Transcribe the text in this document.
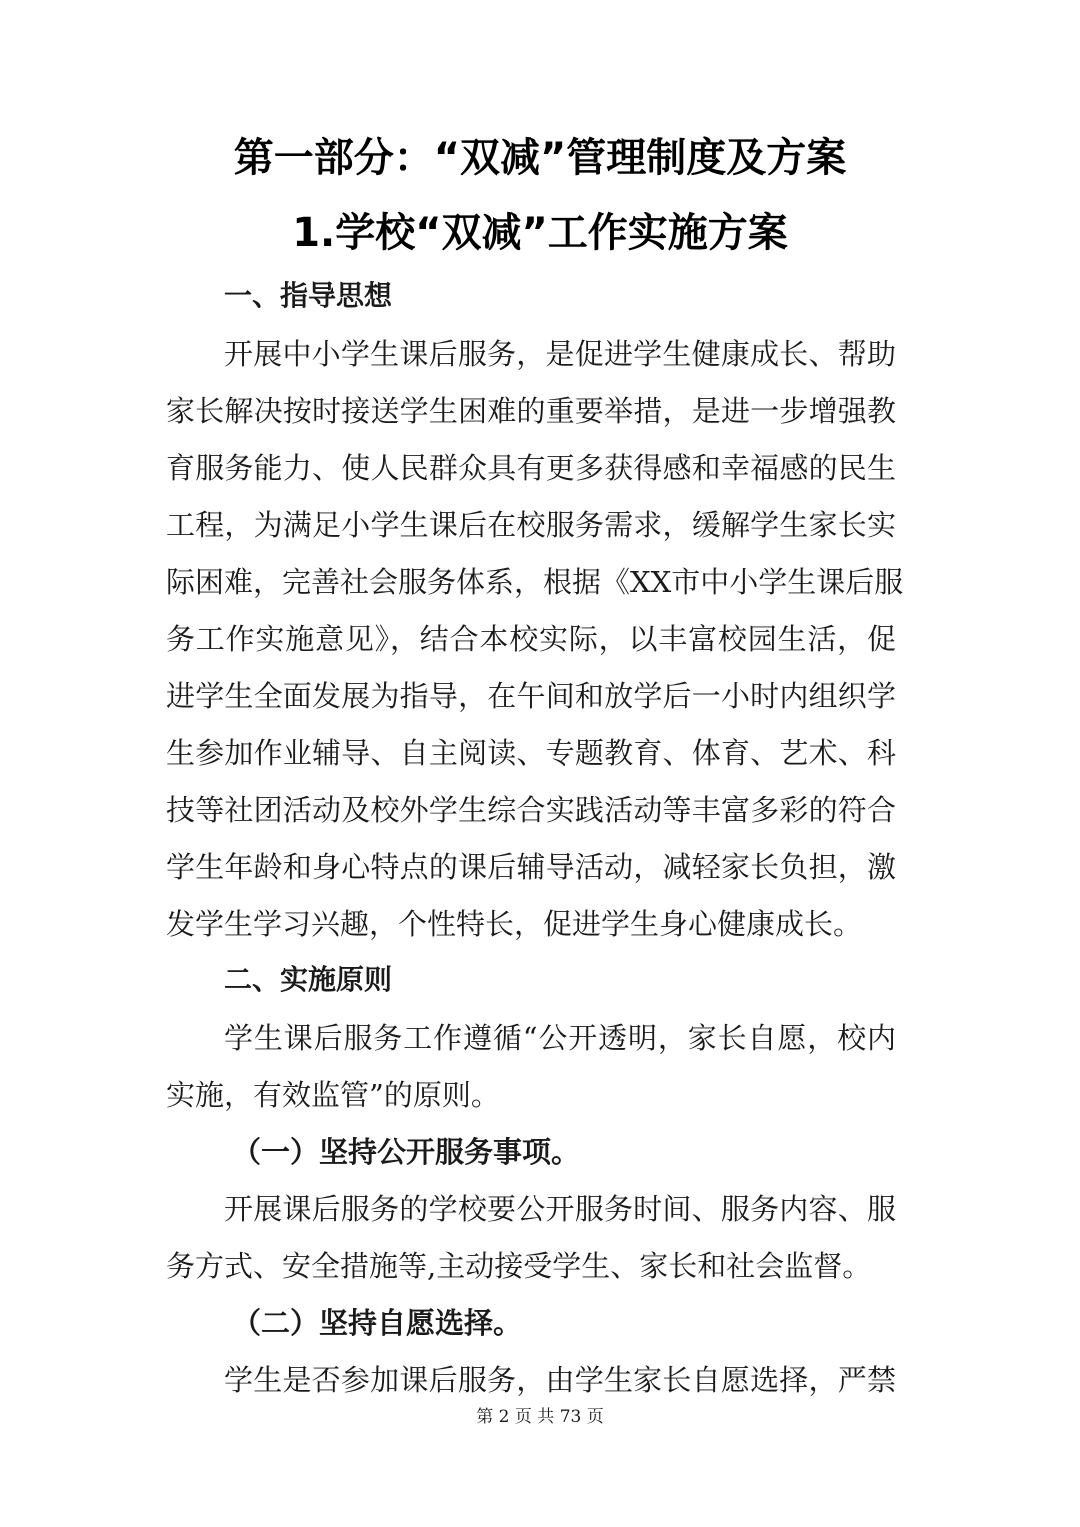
第一部分：“双减”管理制度及方案
1.学校“双减”工作实施方案
一、指导思想
开展中小学生课后服务，是促进学生健康成长、帮助
家长解决按时接送学生困难的重要举措，是进一步增强教
育服务能力、使人民群众具有更多获得感和幸福感的民生
工程，为满足小学生课后在校服务需求，缓解学生家长实
际困难，完善社会服务体系，根据《XX市中小学生课后服
务工作实施意见》，结合本校实际，以丰富校园生活，促
进学生全面发展为指导，在午间和放学后一小时内组织学
生参加作业辅导、自主阅读、专题教育、体育、艺术、科
技等社团活动及校外学生综合实践活动等丰富多彩的符合
学生年龄和身心特点的课后辅导活动，减轻家长负担，激
发学生学习兴趣，个性特长，促进学生身心健康成长。
二、实施原则
学生课后服务工作遵循“公开透明，家长自愿，校内
实施，有效监管”的原则。
（一）坚持公开服务事项。
开展课后服务的学校要公开服务时间、服务内容、服
务方式、安全措施等,主动接受学生、家长和社会监督。
（二）坚持自愿选择。
学生是否参加课后服务，由学生家长自愿选择，严禁
第 2 页 共 73 页
